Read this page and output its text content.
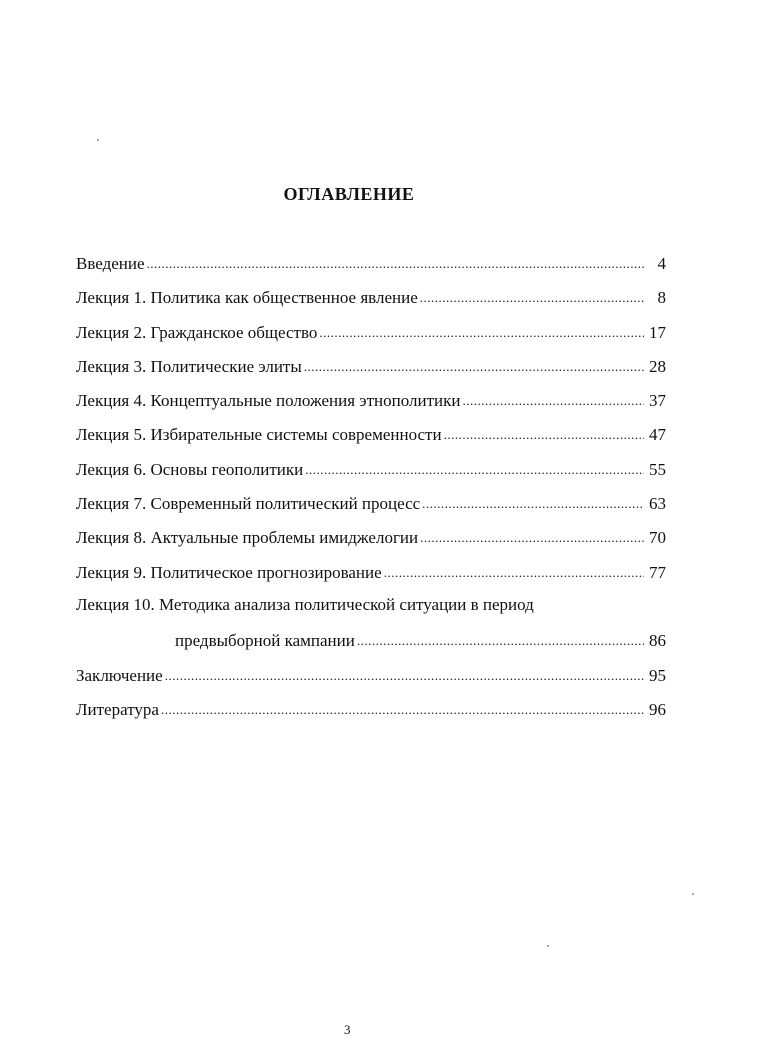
ОГЛАВЛЕНИЕ
Введение .....	4
Лекция 1. Политика как общественное явление .....	8
Лекция 2. Гражданское общество .....	17
Лекция 3. Политические элиты .....	28
Лекция 4. Концептуальные положения этнополитики .....	37
Лекция 5. Избирательные системы современности .....	47
Лекция 6. Основы геополитики .....	55
Лекция 7. Современный политический процесс .....	63
Лекция 8. Актуальные проблемы имиджелогии .....	70
Лекция 9. Политическое прогнозирование .....	77
Лекция 10. Методика анализа политической ситуации в период
предвыборной кампании .....	86
Заключение .....	95
Литература .....	96
3
